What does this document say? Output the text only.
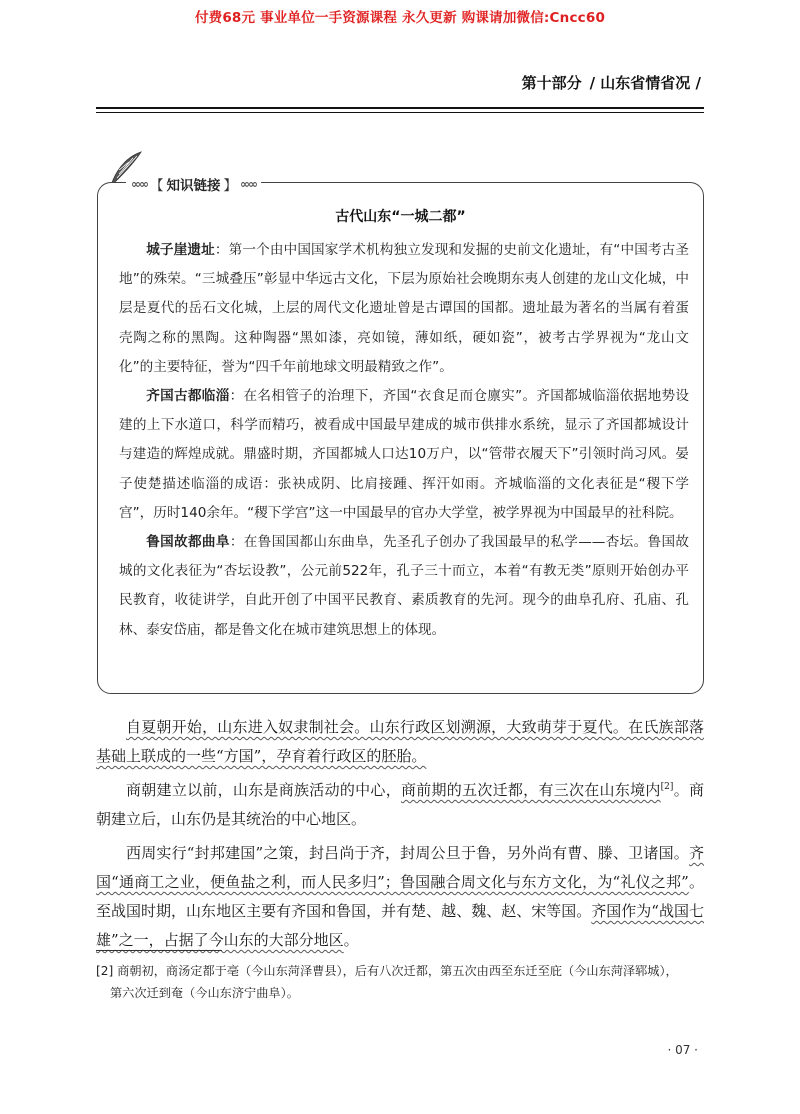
付费68元 事业单位一手资源课程 永久更新 购课请加微信:Cncc60
第十部分 / 山东省情省况 /
∞∞ 【 知识链接 】 ∞∞
古代山东“一城二都”

城子崖遗址：第一个由中国国家学术机构独立发现和发掘的史前文化遗址，有“中国考古圣地”的殊荣。“三城叠压”彰显中华远古文化，下层为原始社会晚期东夷人创建的龙山文化城，中层是夏代的岳石文化城，上层的周代文化遗址曾是古谭国的国都。遗址最为著名的当属有着蛋壳陶之称的黑陶。这种陶器“黑如漆，亮如镜，薄如纸，硬如瓷”，被考古学界视为“龙山文化”的主要特征，誉为“四千年前地球文明最精致之作”。

齐国古都临淄：在名相管子的治理下，齐国“衣食足而仓廪实”。齐国都城临淄依据地势设建的上下水道口，科学而精巧，被看成中国最早建成的城市供排水系统，显示了齐国都城设计与建造的辉煌成就。鼎盛时期，齐国都城人口达10万户，以“管带衣履天下”引领时尚习风。晏子使楚描述临淄的成语：张袂成阴、比肩接踵、挥汗如雨。齐城临淄的文化表征是“稷下学宫”，历时140余年。“稷下学宫”这一中国最早的官办大学堂，被学界视为中国最早的社科院。

鲁国故都曲阜：在鲁国国都山东曲阜，先圣孔子创办了我国最早的私学——杏坛。鲁国故城的文化表征为“杏坛设教”，公元前522年，孔子三十而立，本着“有教无类”原则开始创办平民教育，收徒讲学，自此开创了中国平民教育、素质教育的先河。现今的曲阜孔府、孔庙、孔林、泰安岱庙，都是鲁文化在城市建筑思想上的体现。

自夏朝开始，山东进入奴隶制社会。山东行政区划溯源，大致萌芽于夏代。在氏族部落基础上联成的一些“方国”，孕育着行政区的胚胎。

商朝建立以前，山东是商族活动的中心，商前期的五次迁都，有三次在山东境内[2]。商朝建立后，山东仍是其统治的中心地区。

西周实行“封邦建国”之策，封吕尚于齐，封周公旦于鲁，另外尚有曹、滕、卫诸国。齐国“通商工之业，便鱼盐之利，而人民多归”；鲁国融合周文化与东方文化，为“礼仪之邦”。至战国时期，山东地区主要有齐国和鲁国，并有楚、越、魏、赵、宋等国。齐国作为“战国七雄”之一，占据了今山东的大部分地区。

[2] 商朝初，商汤定都于亳（今山东菏泽曹县），后有八次迁都，第五次由西至东迁至庇（今山东菏泽郓城），
第六次迁到奄（今山东济宁曲阜）。
· 07 ·
